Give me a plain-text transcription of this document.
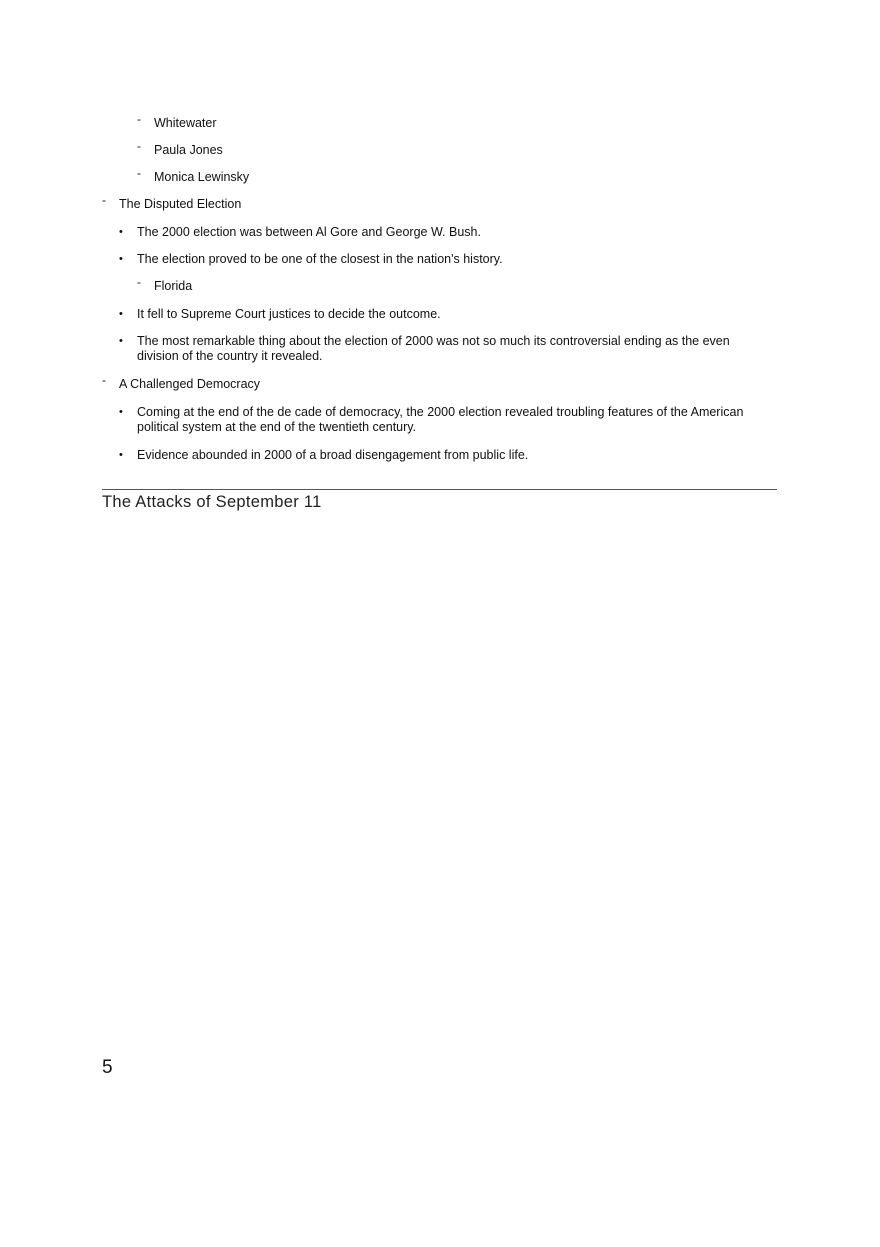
-	Whitewater
-	Paula Jones
-	Monica Lewinsky
-	The Disputed Election
•	The 2000 election was between Al Gore and George W. Bush.
•	The election proved to be one of the closest in the nation's history.
-	Florida
•	It fell to Supreme Court justices to decide the outcome.
•	The most remarkable thing about the election of 2000 was not so much its controversial ending as the even division of the country it revealed.
-	A Challenged Democracy
•	Coming at the end of the de cade of democracy, the 2000 election revealed troubling features of the American political system at the end of the twentieth century.
•	Evidence abounded in 2000 of a broad disengagement from public life.
The Attacks of September 11
5
